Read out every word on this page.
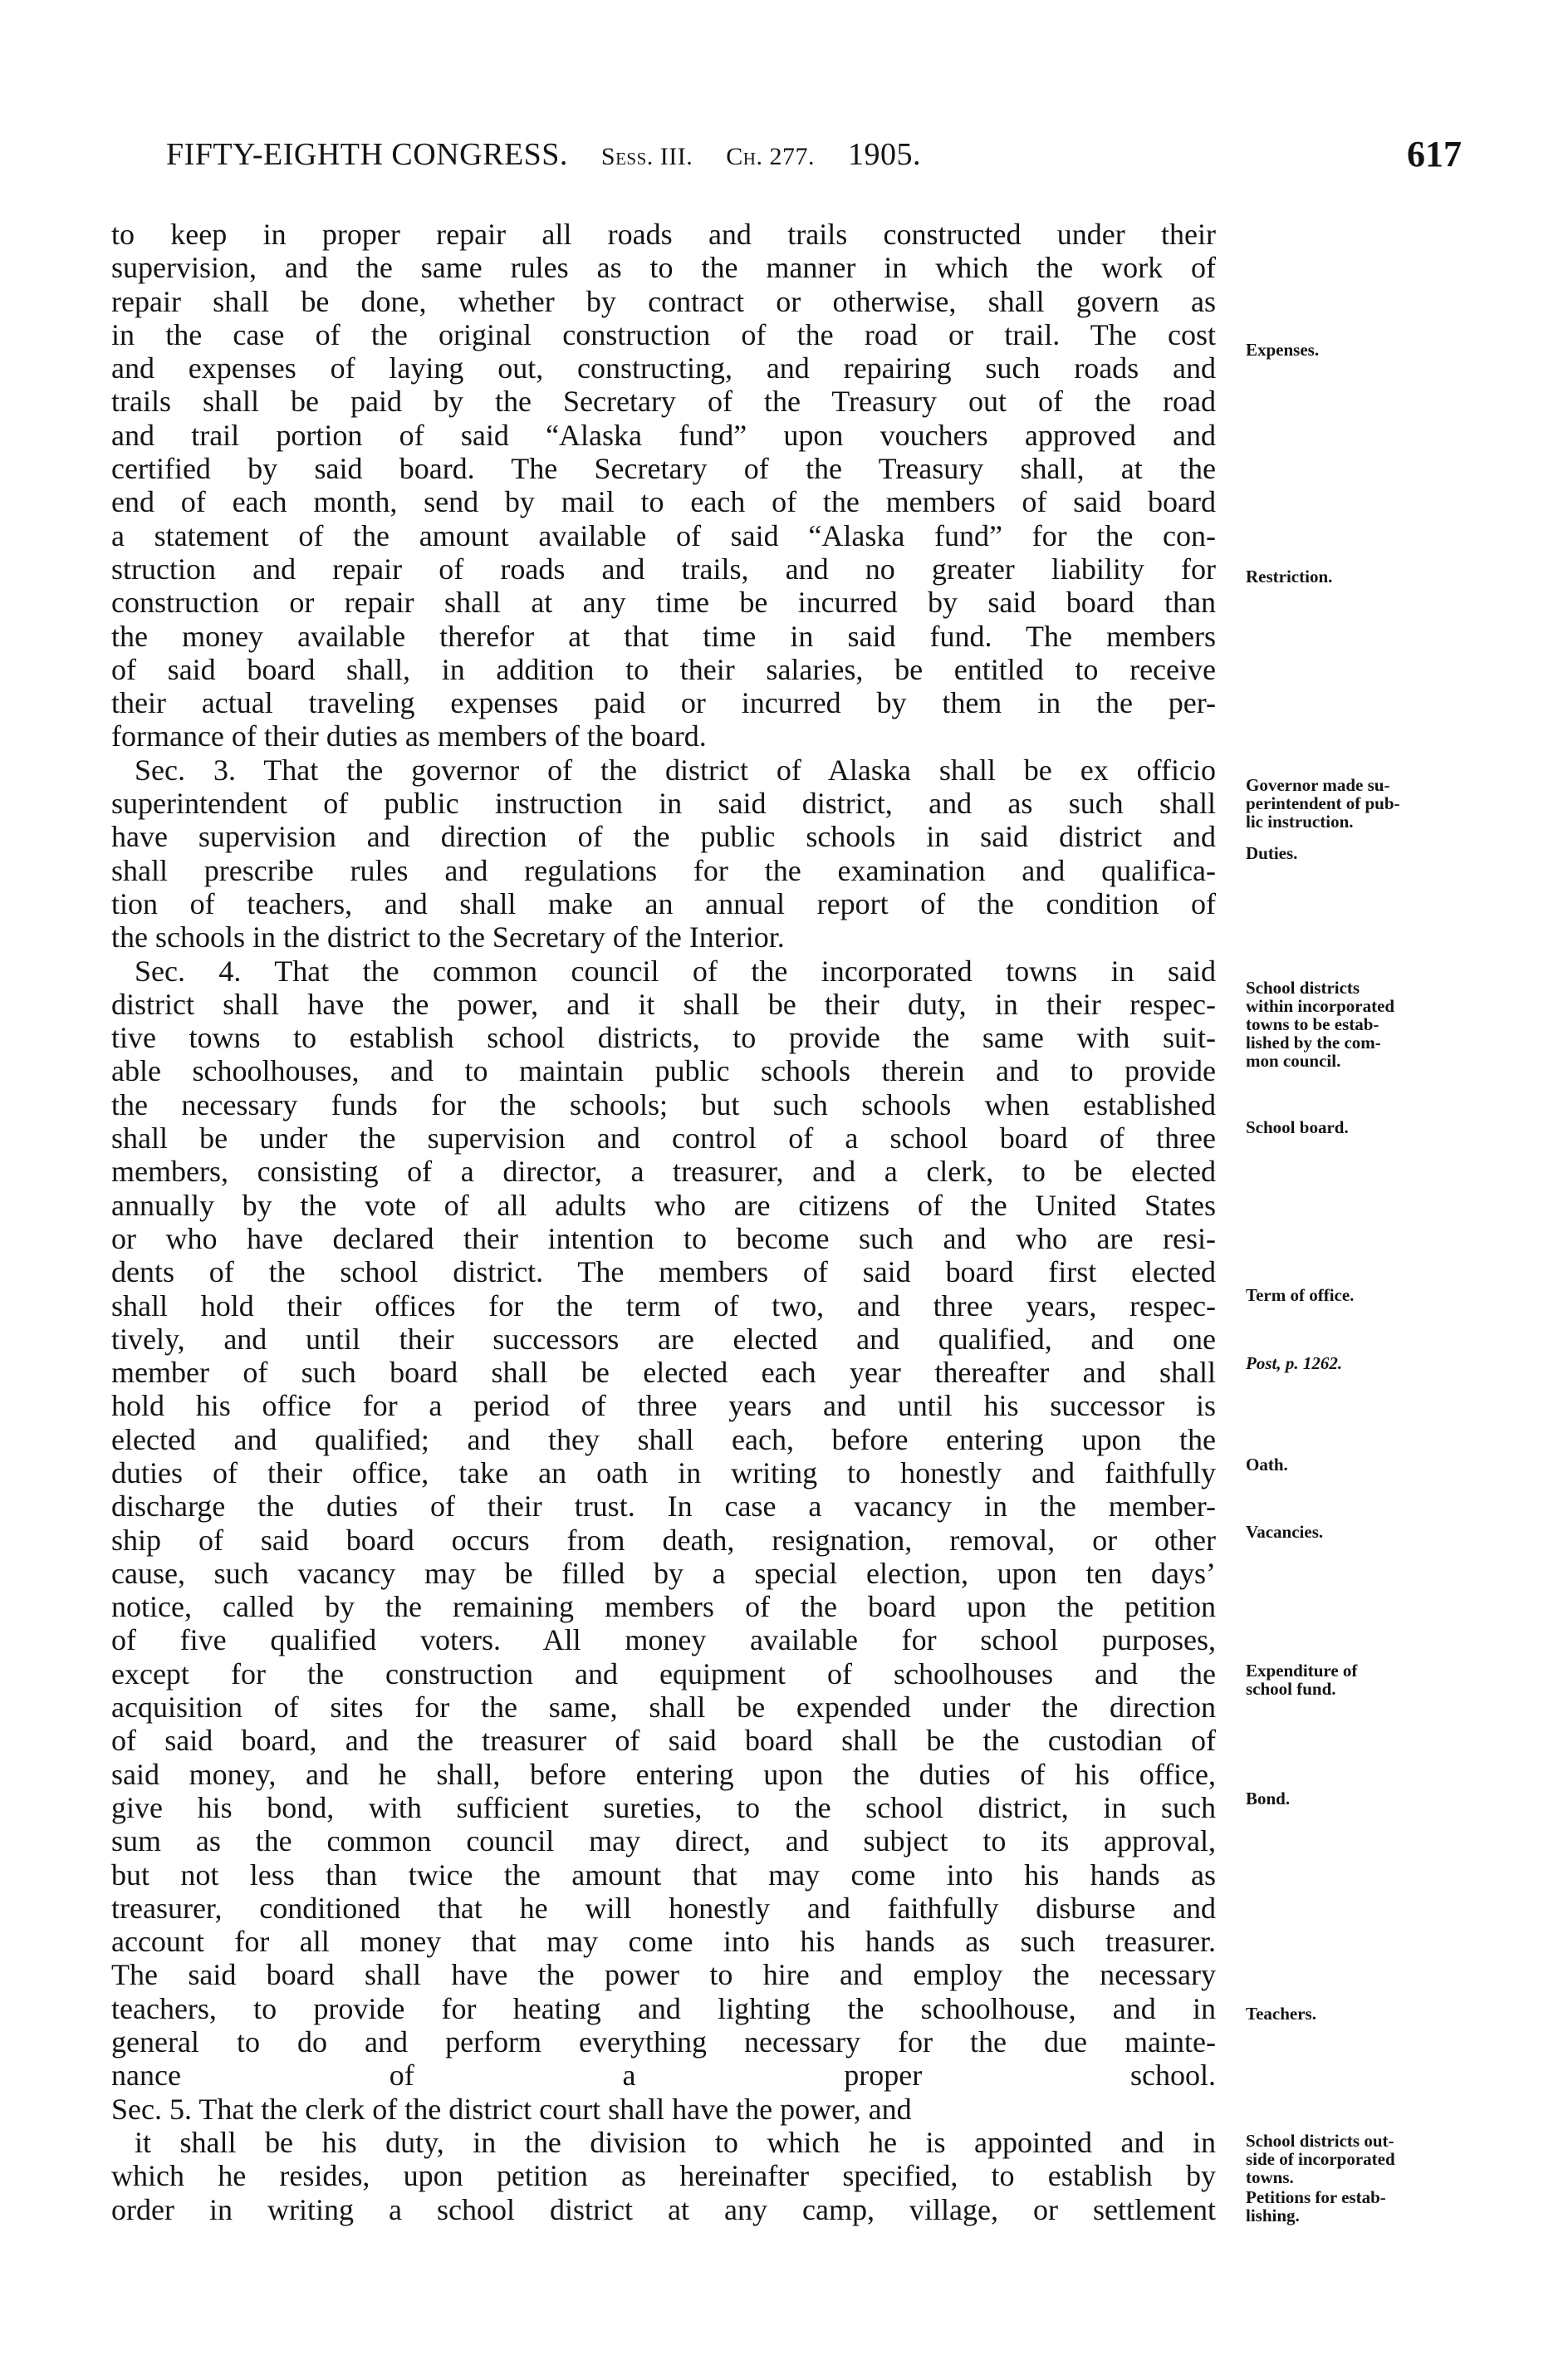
FIFTY-EIGHTH CONGRESS. Sess. III. Ch. 277. 1905.	617
to keep in proper repair all roads and trails constructed under their
supervision, and the same rules as to the manner in which the work of
repair shall be done, whether by contract or otherwise, shall govern as
in the case of the original construction of the road or trail. The cost
and expenses of laying out, constructing, and repairing such roads and
trails shall be paid by the Secretary of the Treasury out of the road
and trail portion of said “Alaska fund” upon vouchers approved and
certified by said board. The Secretary of the Treasury shall, at the
end of each month, send by mail to each of the members of said board
a statement of the amount available of said “Alaska fund” for the con-
struction and repair of roads and trails, and no greater liability for
construction or repair shall at any time be incurred by said board than
the money available therefor at that time in said fund. The members
of said board shall, in addition to their salaries, be entitled to receive
their actual traveling expenses paid or incurred by them in the per-
formance of their duties as members of the board.
Sec. 3. That the governor of the district of Alaska shall be ex officio
superintendent of public instruction in said district, and as such shall
have supervision and direction of the public schools in said district and
shall prescribe rules and regulations for the examination and qualifica-
tion of teachers, and shall make an annual report of the condition of
the schools in the district to the Secretary of the Interior.
Sec. 4. That the common council of the incorporated towns in said
district shall have the power, and it shall be their duty, in their respec-
tive towns to establish school districts, to provide the same with suit-
able schoolhouses, and to maintain public schools therein and to provide
the necessary funds for the schools; but such schools when established
shall be under the supervision and control of a school board of three
members, consisting of a director, a treasurer, and a clerk, to be elected
annually by the vote of all adults who are citizens of the United States
or who have declared their intention to become such and who are resi-
dents of the school district. The members of said board first elected
shall hold their offices for the term of two, and three years, respec-
tively, and until their successors are elected and qualified, and one
member of such board shall be elected each year thereafter and shall
hold his office for a period of three years and until his successor is
elected and qualified; and they shall each, before entering upon the
duties of their office, take an oath in writing to honestly and faithfully
discharge the duties of their trust. In case a vacancy in the member-
ship of said board occurs from death, resignation, removal, or other
cause, such vacancy may be filled by a special election, upon ten days’
notice, called by the remaining members of the board upon the petition
of five qualified voters. All money available for school purposes,
except for the construction and equipment of schoolhouses and the
acquisition of sites for the same, shall be expended under the direction
of said board, and the treasurer of said board shall be the custodian of
said money, and he shall, before entering upon the duties of his office,
give his bond, with sufficient sureties, to the school district, in such
sum as the common council may direct, and subject to its approval,
but not less than twice the amount that may come into his hands as
treasurer, conditioned that he will honestly and faithfully disburse and
account for all money that may come into his hands as such treasurer.
The said board shall have the power to hire and employ the necessary
teachers, to provide for heating and lighting the schoolhouse, and in
general to do and perform everything necessary for the due mainte-
nance of a proper school.
Sec. 5. That the clerk of the district court shall have the power, and
it shall be his duty, in the division to which he is appointed and in
which he resides, upon petition as hereinafter specified, to establish by
order in writing a school district at any camp, village, or settlement
Expenses.
Restriction.
Governor made su-
perintendent of pub-
lic instruction.
Duties.
School districts
within incorporated
towns to be estab-
lished by the com-
mon council.
School board.
Term of office.
Post, p. 1262.
Oath.
Vacancies.
Expenditure of
school fund.
Bond.
Teachers.
School districts out-
side of incorporated
towns.
Petitions for estab-
lishing.
